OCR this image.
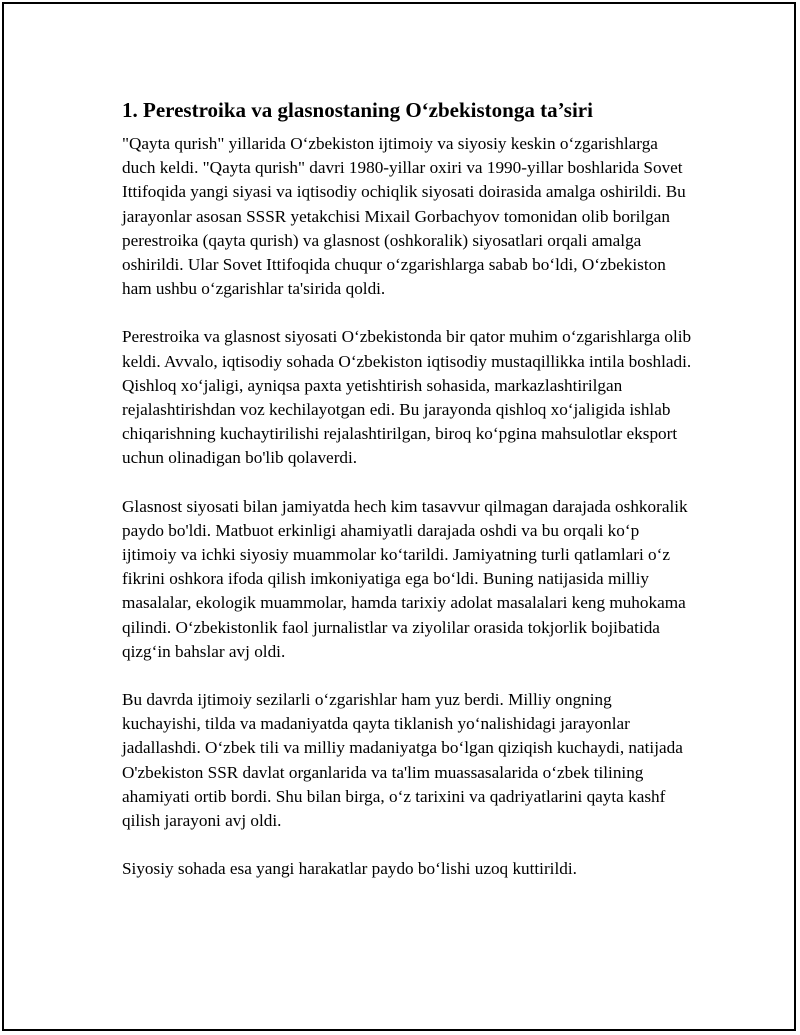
1. Perestroika va glasnostaning O‘zbekistonga ta’siri

"Qayta qurish" yillarida O‘zbekiston ijtimoiy va siyosiy keskin o‘zgarishlarga duch keldi. "Qayta qurish" davri 1980-yillar oxiri va 1990-yillar boshlarida Sovet Ittifoqida yangi siyasi va iqtisodiy ochiqlik siyosati doirasida amalga oshirildi. Bu jarayonlar asosan SSSR yetakchisi Mixail Gorbachyov tomonidan olib borilgan perestroika (qayta qurish) va glasnost (oshkoralik) siyosatlari orqali amalga oshirildi. Ular Sovet Ittifoqida chuqur o‘zgarishlarga sabab bo‘ldi, O‘zbekiston ham ushbu o‘zgarishlar ta'sirida qoldi.

Perestroika va glasnost siyosati O‘zbekistonda bir qator muhim o‘zgarishlarga olib keldi. Avvalo, iqtisodiy sohada O‘zbekiston iqtisodiy mustaqillikka intila boshladi. Qishloq xo‘jaligi, ayniqsa paxta yetishtirish sohasida, markazlashtirilgan rejalashtirishdan voz kechilayotgan edi. Bu jarayonda qishloq xo‘jaligida ishlab chiqarishning kuchaytirilishi rejalashtirilgan, biroq ko‘pgina mahsulotlar eksport uchun olinadigan bo'lib qolaverdi.

Glasnost siyosati bilan jamiyatda hech kim tasavvur qilmagan darajada oshkoralik paydo bo'ldi. Matbuot erkinligi ahamiyatli darajada oshdi va bu orqali ko‘p ijtimoiy va ichki siyosiy muammolar ko‘tarildi. Jamiyatning turli qatlamlari o‘z fikrini oshkora ifoda qilish imkoniyatiga ega bo‘ldi. Buning natijasida milliy masalalar, ekologik muammolar, hamda tarixiy adolat masalalari keng muhokama qilindi. O‘zbekistonlik faol jurnalistlar va ziyolilar orasida tokjorlik bojibatida qizg‘in bahslar avj oldi.

Bu davrda ijtimoiy sezilarli o‘zgarishlar ham yuz berdi. Milliy ongning kuchayishi, tilda va madaniyatda qayta tiklanish yo‘nalishidagi jarayonlar jadallashdi. O‘zbek tili va milliy madaniyatga bo‘lgan qiziqish kuchaydi, natijada O'zbekiston SSR davlat organlarida va ta'lim muassasalarida o‘zbek tilining ahamiyati ortib bordi. Shu bilan birga, o‘z tarixini va qadriyatlarini qayta kashf qilish jarayoni avj oldi.

Siyosiy sohada esa yangi harakatlar paydo bo‘lishi uzoq kuttirildi.
